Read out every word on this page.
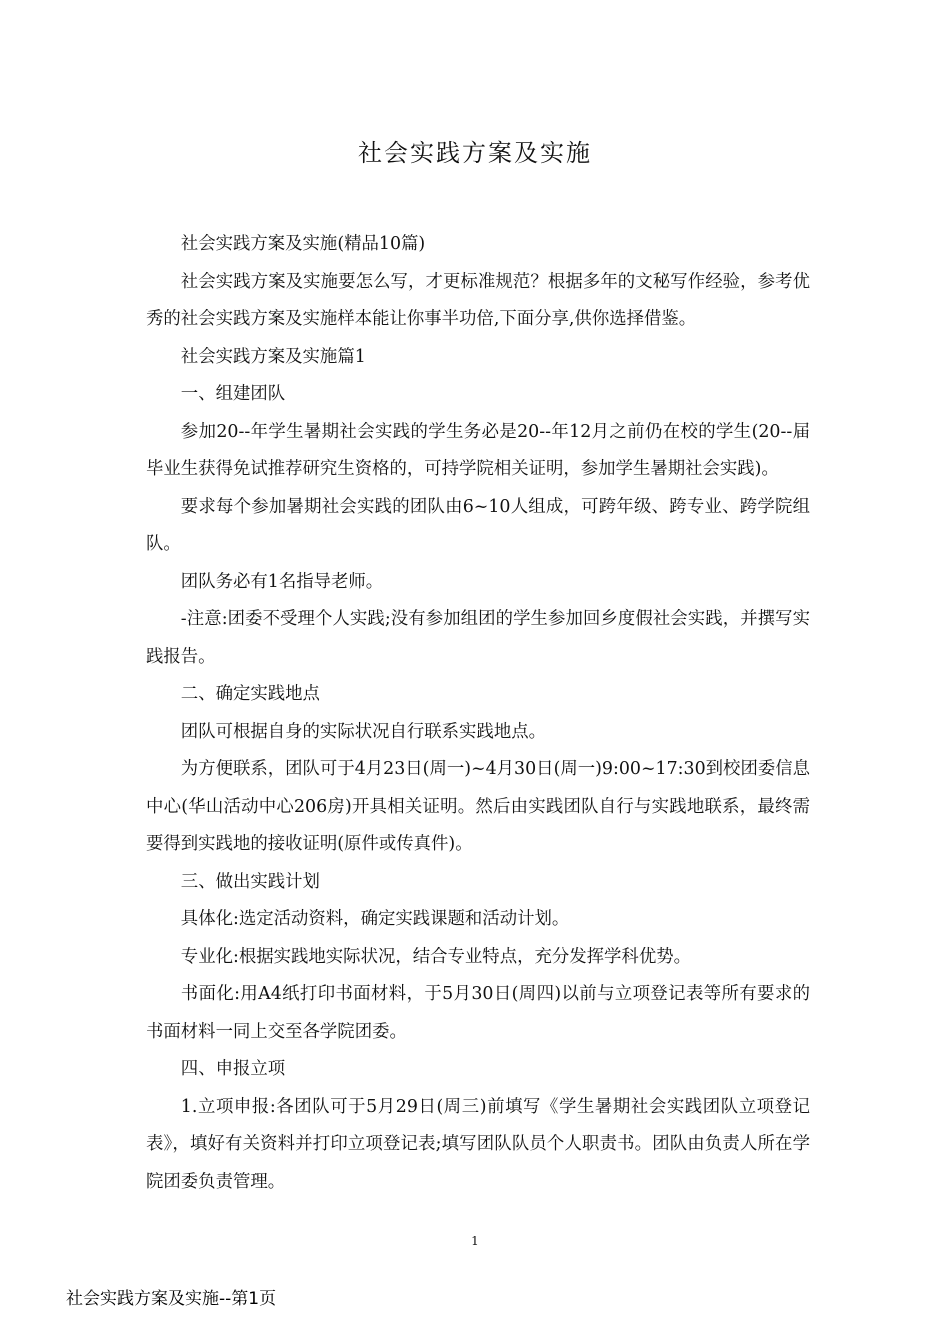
社会实践方案及实施

社会实践方案及实施(精品10篇)

社会实践方案及实施要怎么写，才更标准规范？根据多年的文秘写作经验，参考优秀的社会实践方案及实施样本能让你事半功倍,下面分享,供你选择借鉴。

社会实践方案及实施篇1

一、组建团队

参加20--年学生暑期社会实践的学生务必是20--年12月之前仍在校的学生(20--届毕业生获得免试推荐研究生资格的，可持学院相关证明，参加学生暑期社会实践)。

要求每个参加暑期社会实践的团队由6~10人组成，可跨年级、跨专业、跨学院组队。

团队务必有1名指导老师。

-注意:团委不受理个人实践;没有参加组团的学生参加回乡度假社会实践，并撰写实践报告。

二、确定实践地点

团队可根据自身的实际状况自行联系实践地点。

为方便联系，团队可于4月23日(周一)~4月30日(周一)9:00~17:30到校团委信息中心(华山活动中心206房)开具相关证明。然后由实践团队自行与实践地联系，最终需要得到实践地的接收证明(原件或传真件)。

三、做出实践计划

具体化:选定活动资料，确定实践课题和活动计划。

专业化:根据实践地实际状况，结合专业特点，充分发挥学科优势。

书面化:用A4纸打印书面材料，于5月30日(周四)以前与立项登记表等所有要求的书面材料一同上交至各学院团委。

四、申报立项

1.立项申报:各团队可于5月29日(周三)前填写《学生暑期社会实践团队立项登记表》，填好有关资料并打印立项登记表;填写团队队员个人职责书。团队由负责人所在学院团委负责管理。

1
社会实践方案及实施--第1页
